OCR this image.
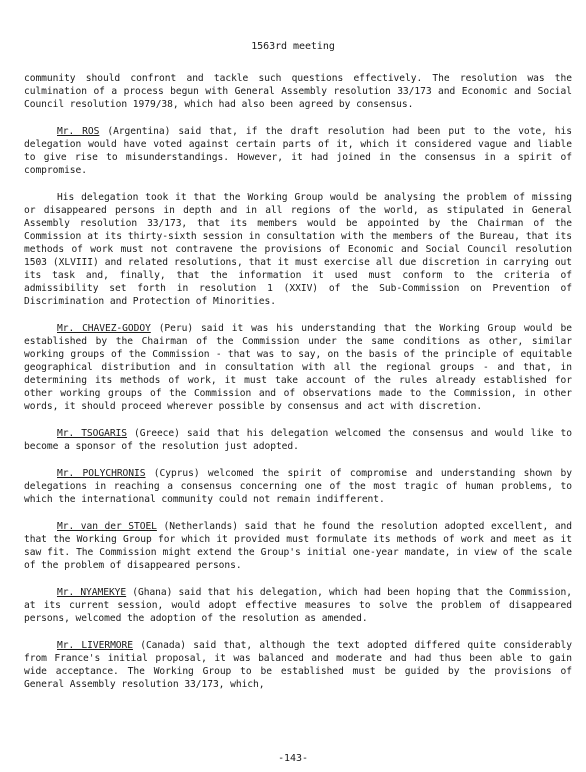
1563rd meeting

community should confront and tackle such questions effectively. The resolution was the culmination of a process begun with General Assembly resolution 33/173 and Economic and Social Council resolution 1979/38, which had also been agreed by consensus.

Mr. ROS (Argentina) said that, if the draft resolution had been put to the vote, his delegation would have voted against certain parts of it, which it considered vague and liable to give rise to misunderstandings. However, it had joined in the consensus in a spirit of compromise.

His delegation took it that the Working Group would be analysing the problem of missing or disappeared persons in depth and in all regions of the world, as stipulated in General Assembly resolution 33/173, that its members would be appointed by the Chairman of the Commission at its thirty-sixth session in consultation with the members of the Bureau, that its methods of work must not contravene the provisions of Economic and Social Council resolution 1503 (XLVIII) and related resolutions, that it must exercise all due discretion in carrying out its task and, finally, that the information it used must conform to the criteria of admissibility set forth in resolution 1 (XXIV) of the Sub-Commission on Prevention of Discrimination and Protection of Minorities.

Mr. CHAVEZ-GODOY (Peru) said it was his understanding that the Working Group would be established by the Chairman of the Commission under the same conditions as other, similar working groups of the Commission - that was to say, on the basis of the principle of equitable geographical distribution and in consultation with all the regional groups - and that, in determining its methods of work, it must take account of the rules already established for other working groups of the Commission and of observations made to the Commission, in other words, it should proceed wherever possible by consensus and act with discretion.

Mr. TSOGARIS (Greece) said that his delegation welcomed the consensus and would like to become a sponsor of the resolution just adopted.

Mr. POLYCHRONIS (Cyprus) welcomed the spirit of compromise and understanding shown by delegations in reaching a consensus concerning one of the most tragic of human problems, to which the international community could not remain indifferent.

Mr. van der STOEL (Netherlands) said that he found the resolution adopted excellent, and that the Working Group for which it provided must formulate its methods of work and meet as it saw fit. The Commission might extend the Group's initial one-year mandate, in view of the scale of the problem of disappeared persons.

Mr. NYAMEKYE (Ghana) said that his delegation, which had been hoping that the Commission, at its current session, would adopt effective measures to solve the problem of disappeared persons, welcomed the adoption of the resolution as amended.

Mr. LIVERMORE (Canada) said that, although the text adopted differed quite considerably from France's initial proposal, it was balanced and moderate and had thus been able to gain wide acceptance. The Working Group to be established must be guided by the provisions of General Assembly resolution 33/173, which,

-143-
